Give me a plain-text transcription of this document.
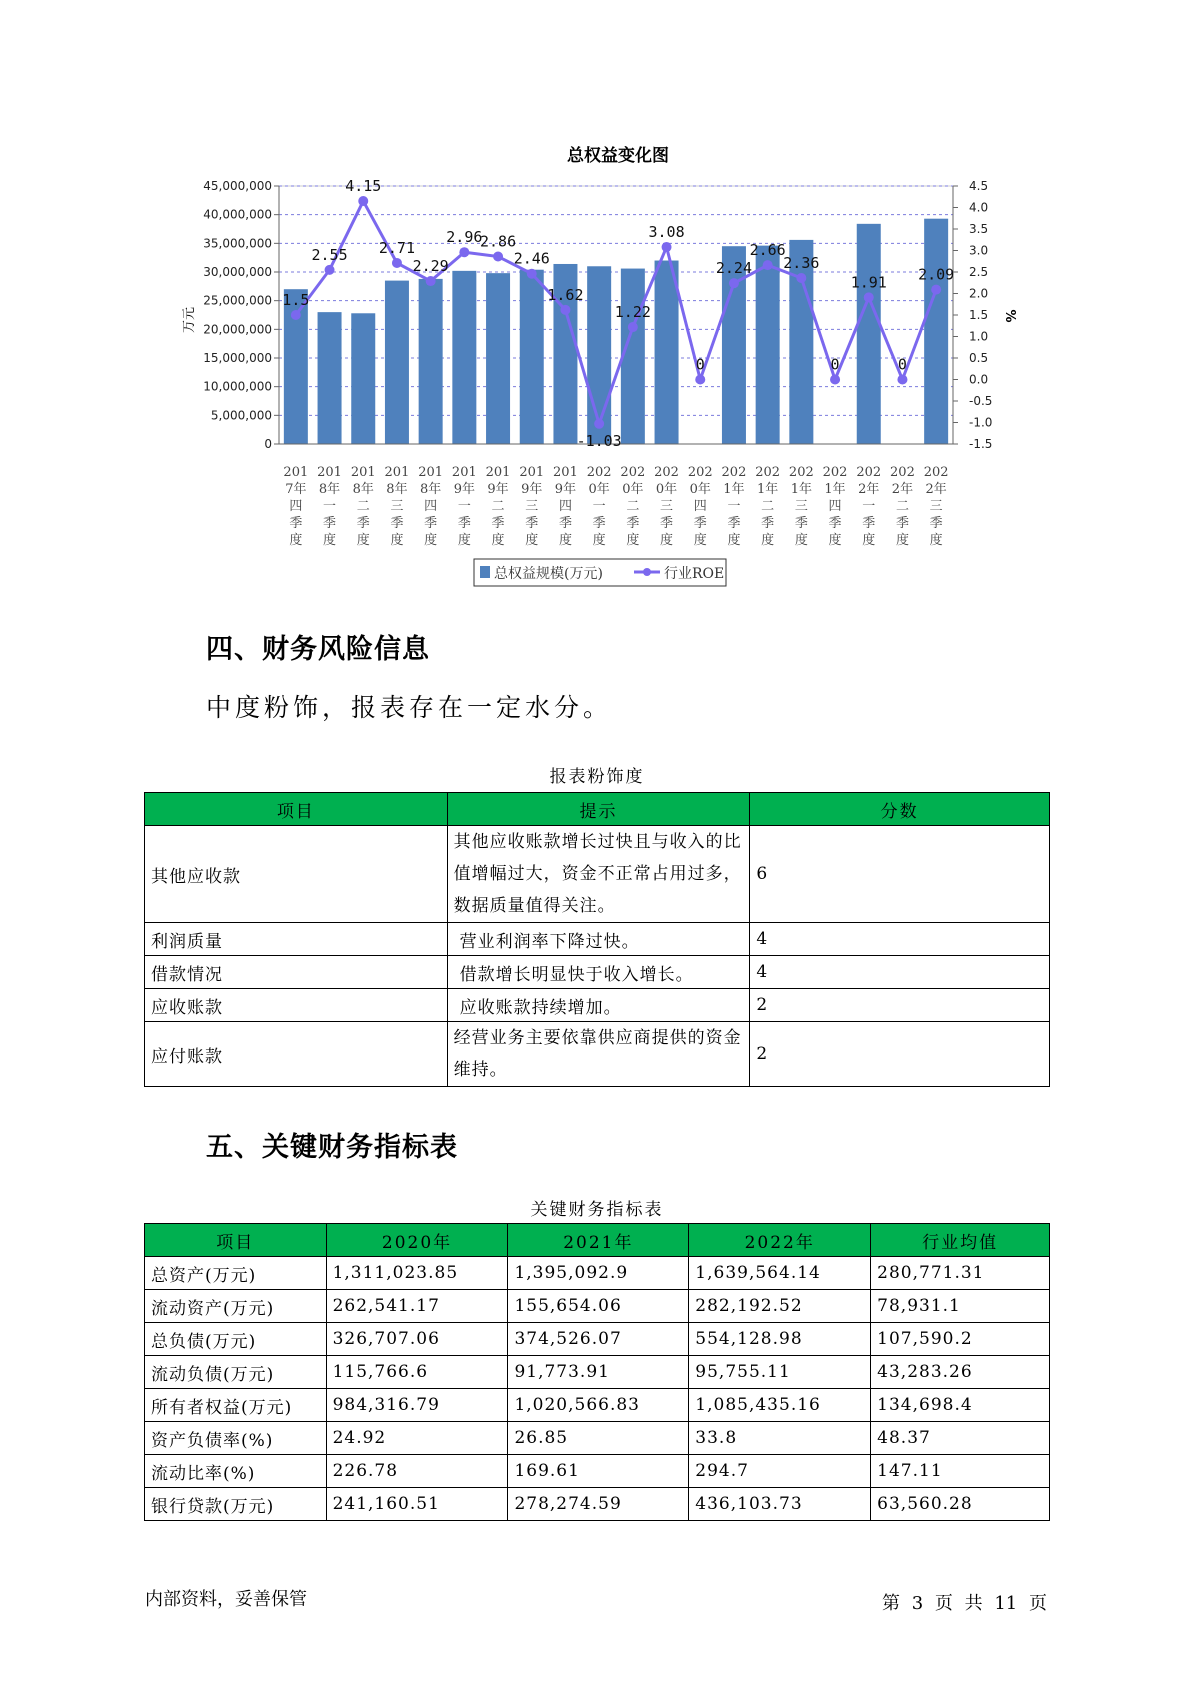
总权益变化图
0
5,000,000
10,000,000
15,000,000
20,000,000
25,000,000
30,000,000
35,000,000
40,000,000
45,000,000
-1.5
-1.0
-0.5
0.0
0.5
1.0
1.5
2.0
2.5
3.0
3.5
4.0
4.5
1.5
2.55
4.15
2.71
2.29
2.96
2.86
2.46
1.62
-1.03
1.22
3.08
0
2.24
2.66
2.36
0
1.91
0
2.09
201
7年
四
季
度
201
8年
一
季
度
201
8年
二
季
度
201
8年
三
季
度
201
8年
四
季
度
201
9年
一
季
度
201
9年
二
季
度
201
9年
三
季
度
201
9年
四
季
度
202
0年
一
季
度
202
0年
二
季
度
202
0年
三
季
度
202
0年
四
季
度
202
1年
一
季
度
202
1年
二
季
度
202
1年
三
季
度
202
1年
四
季
度
202
2年
一
季
度
202
2年
二
季
度
202
2年
三
季
度
万元	%
总权益规模(万元)	行业ROE
四、财务风险信息
中度粉饰，报表存在一定水分。
报表粉饰度
项目	提示	分数
其他应收款	其他应收账款增长过快且与收入的比值增幅过大，资金不正常占用过多，数据质量值得关注。	6
利润质量	营业利润率下降过快。	4
借款情况	借款增长明显快于收入增长。	4
应收账款	应收账款持续增加。	2
应付账款	经营业务主要依靠供应商提供的资金维持。	2
五、关键财务指标表
关键财务指标表
项目	2020年	2021年	2022年	行业均值
总资产(万元)	1,311,023.85	1,395,092.9	1,639,564.14	280,771.31
流动资产(万元)	262,541.17	155,654.06	282,192.52	78,931.1
总负债(万元)	326,707.06	374,526.07	554,128.98	107,590.2
流动负债(万元)	115,766.6	91,773.91	95,755.11	43,283.26
所有者权益(万元)	984,316.79	1,020,566.83	1,085,435.16	134,698.4
资产负债率(%)	24.92	26.85	33.8	48.37
流动比率(%)	226.78	169.61	294.7	147.11
银行贷款(万元)	241,160.51	278,274.59	436,103.73	63,560.28
内部资料，妥善保管	第 3 页 共 11 页
